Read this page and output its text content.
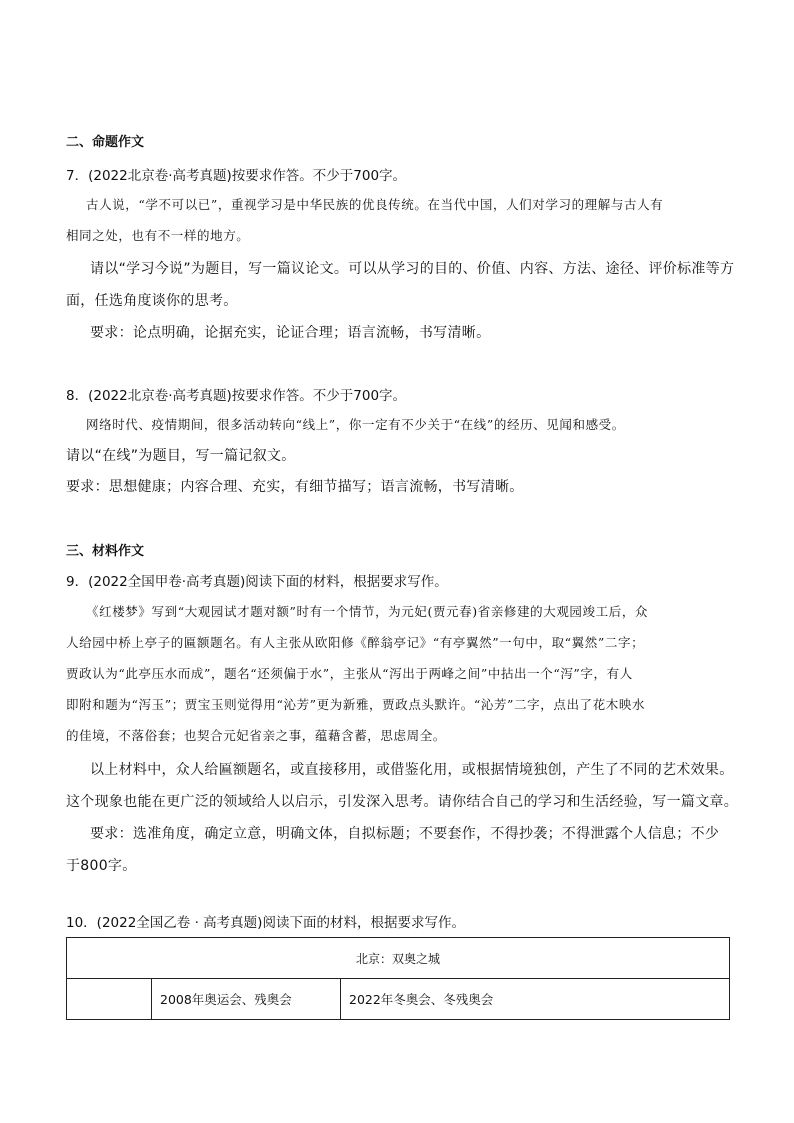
二、命题作文
7．(2022北京卷·高考真题)按要求作答。不少于700字。
古人说，“学不可以已”，重视学习是中华民族的优良传统。在当代中国，人们对学习的理解与古人有
相同之处，也有不一样的地方。
请以“学习今说”为题目，写一篇议论文。可以从学习的目的、价值、内容、方法、途径、评价标准等方
面，任选角度谈你的思考。
要求：论点明确，论据充实，论证合理；语言流畅，书写清晰。
8．(2022北京卷·高考真题)按要求作答。不少于700字。
网络时代、疫情期间，很多活动转向“线上”，你一定有不少关于“在线”的经历、见闻和感受。
请以“在线”为题目，写一篇记叙文。
要求：思想健康；内容合理、充实，有细节描写；语言流畅，书写清晰。
三、材料作文
9．(2022全国甲卷·高考真题)阅读下面的材料，根据要求写作。
《红楼梦》写到“大观园试才题对额”时有一个情节，为元妃(贾元春)省亲修建的大观园竣工后，众
人给园中桥上亭子的匾额题名。有人主张从欧阳修《醉翁亭记》“有亭翼然”一句中，取“翼然”二字；
贾政认为“此亭压水而成”，题名“还须偏于水”，主张从“泻出于两峰之间”中拈出一个“泻”字，有人
即附和题为“泻玉”；贾宝玉则觉得用“沁芳”更为新雅，贾政点头默许。“沁芳”二字，点出了花木映水
的佳境，不落俗套；也契合元妃省亲之事，蕴藉含蓄，思虑周全。
以上材料中，众人给匾额题名，或直接移用，或借鉴化用，或根据情境独创，产生了不同的艺术效果。
这个现象也能在更广泛的领域给人以启示，引发深入思考。请你结合自己的学习和生活经验，写一篇文章。
要求：选准角度，确定立意，明确文体，自拟标题；不要套作，不得抄袭；不得泄露个人信息；不少
于800字。
10．(2022全国乙卷 · 高考真题)阅读下面的材料，根据要求写作。
北京：双奥之城
	2008年奥运会、残奥会	2022年冬奥会、冬残奥会
